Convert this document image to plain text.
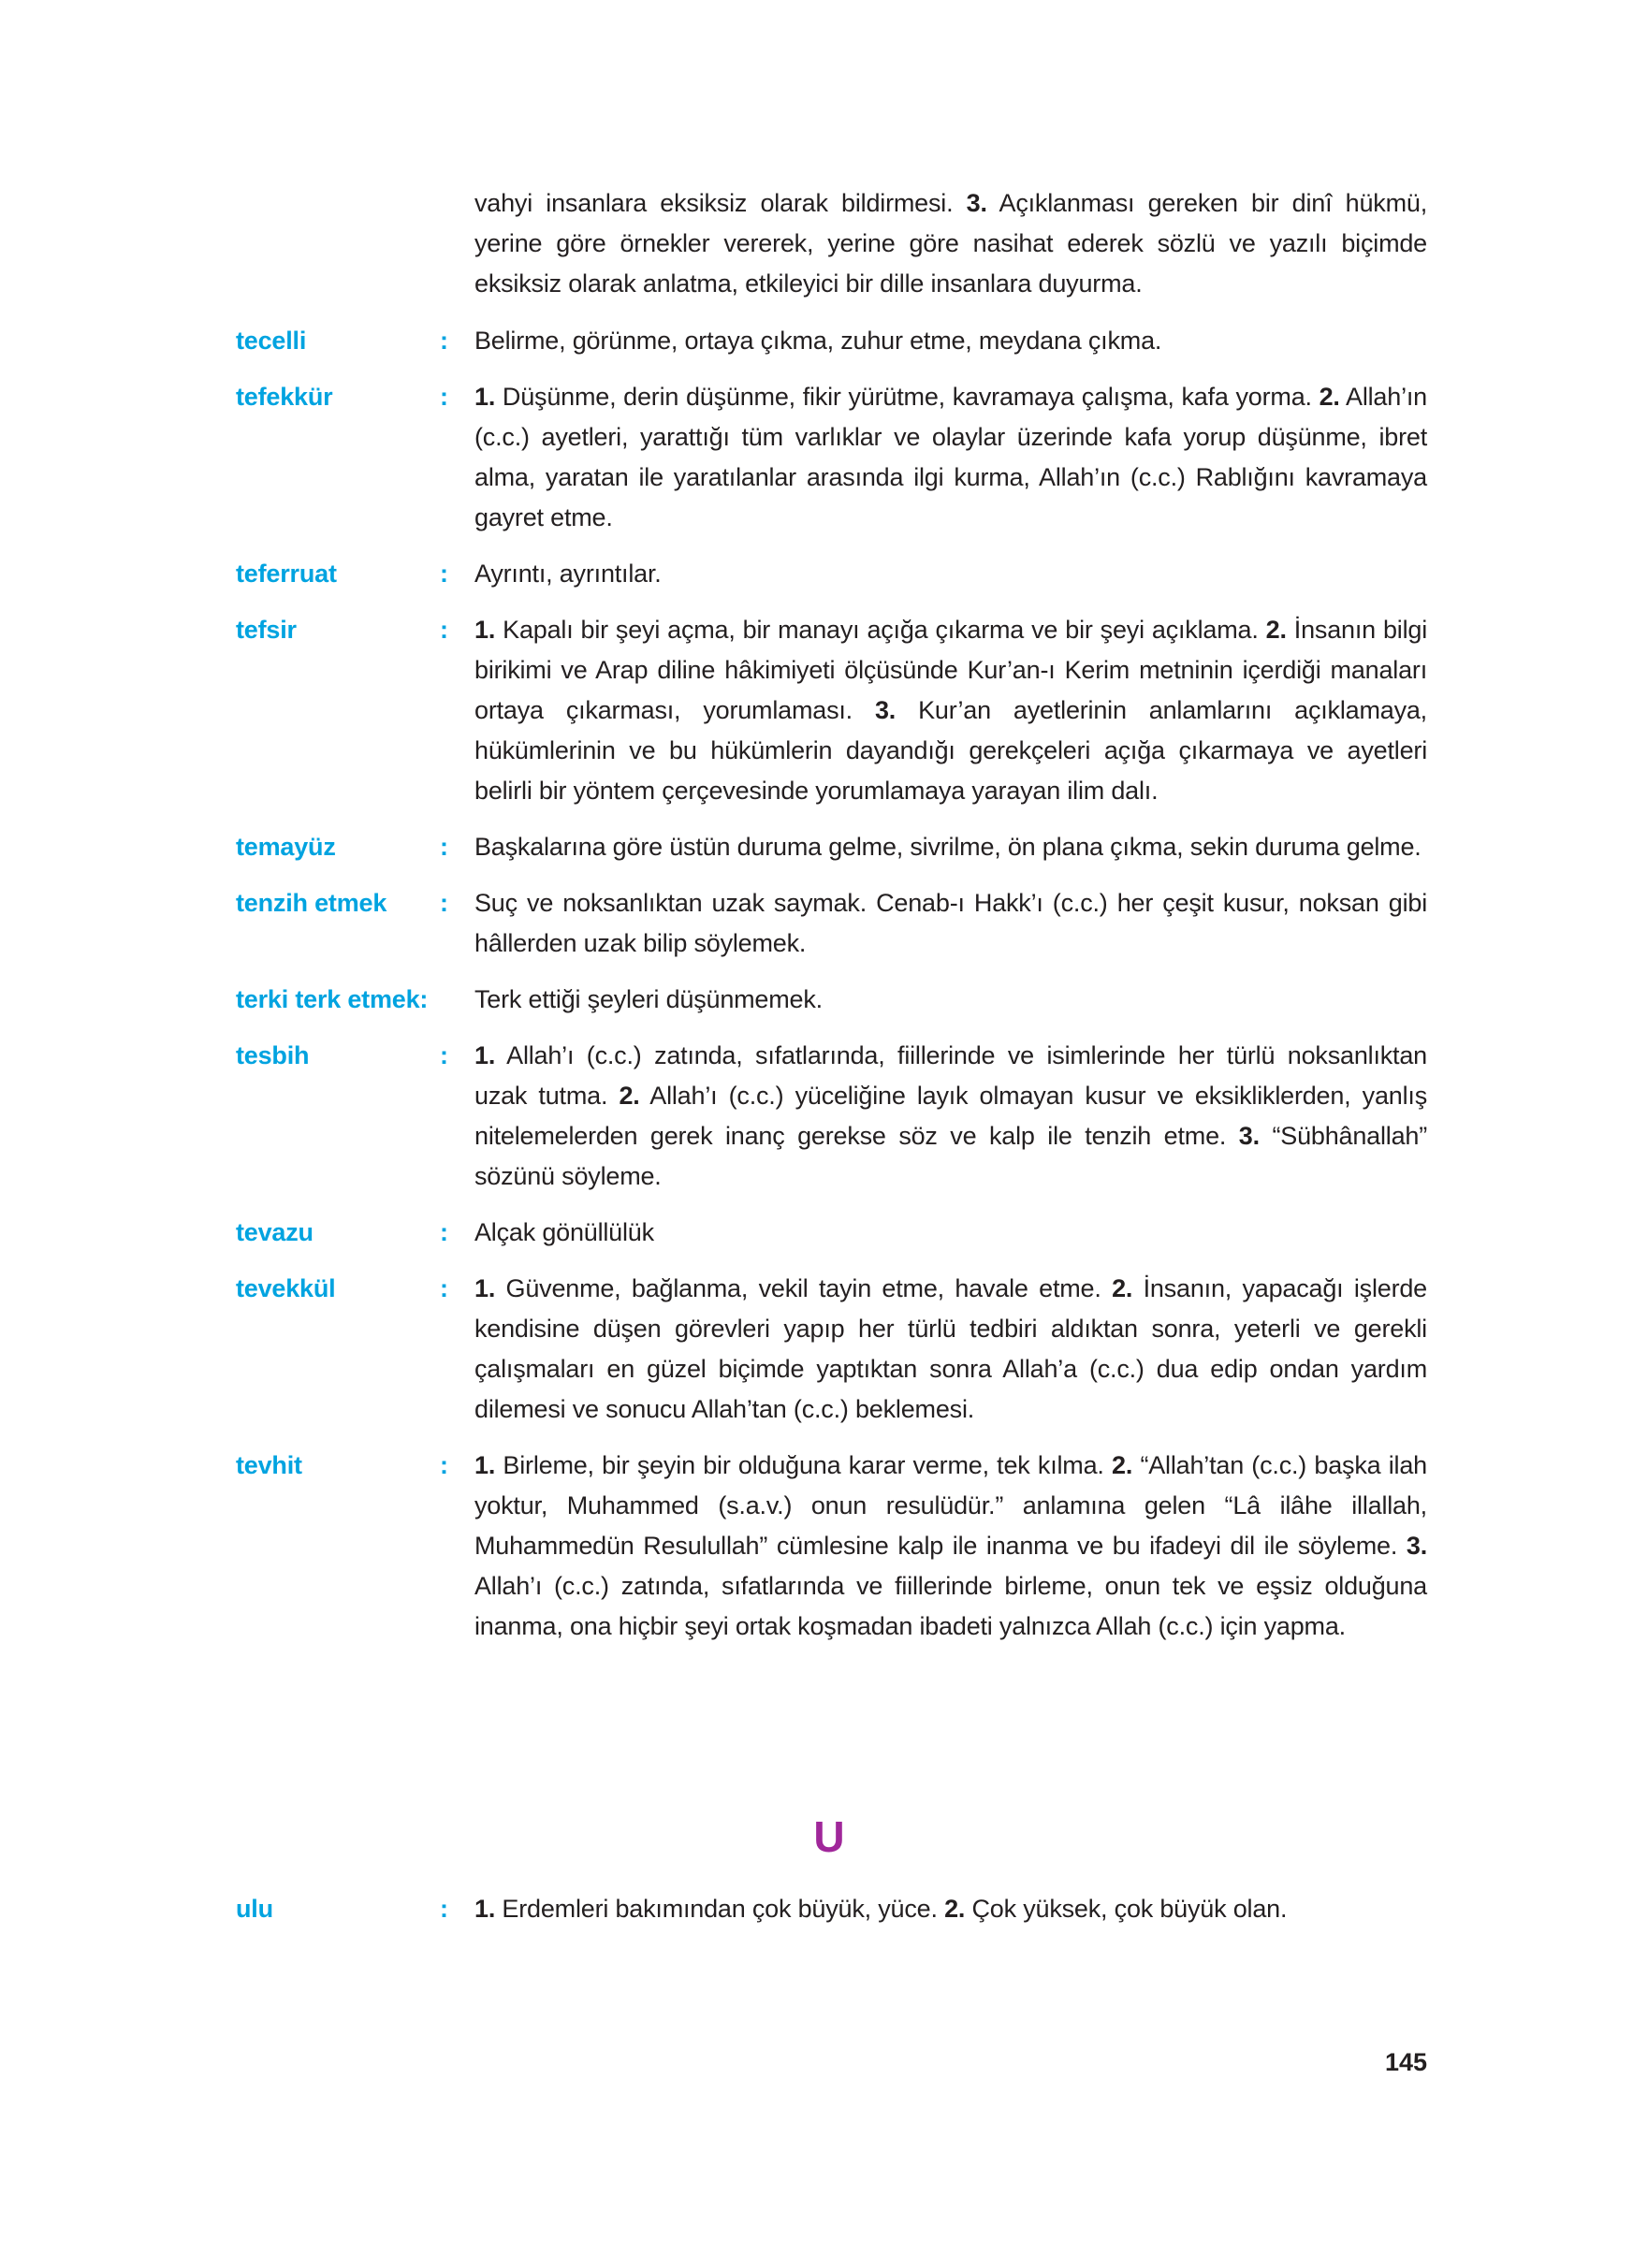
vahyi insanlara eksiksiz olarak bildirmesi. 3. Açıklanması gereken bir dinî hükmü, yerine göre örnekler vererek, yerine göre nasihat ederek sözlü ve yazılı biçimde eksiksiz olarak anlatma, etkileyici bir dille insanlara duyurma.
tecelli	:	Belirme, görünme, ortaya çıkma, zuhur etme, meydana çıkma.
tefekkür	:	1. Düşünme, derin düşünme, fikir yürütme, kavramaya çalışma, kafa yorma. 2. Allah’ın (c.c.) ayetleri, yarattığı tüm varlıklar ve olaylar üzerinde kafa yorup düşünme, ibret alma, yaratan ile yaratılanlar arasında ilgi kurma, Allah’ın (c.c.) Rablığını kavramaya gayret etme.
teferruat	:	Ayrıntı, ayrıntılar.
tefsir	:	1. Kapalı bir şeyi açma, bir manayı açığa çıkarma ve bir şeyi açıklama. 2. İnsanın bilgi birikimi ve Arap diline hâkimiyeti ölçüsünde Kur’an-ı Kerim metninin içerdiği manaları ortaya çıkarması, yorumlaması. 3. Kur’an ayetlerinin anlamlarını açıklamaya, hükümlerinin ve bu hükümlerin dayandığı gerekçeleri açığa çıkarmaya ve ayetleri belirli bir yöntem çerçevesinde yorumlamaya yarayan ilim dalı.
temayüz	:	Başkalarına göre üstün duruma gelme, sivrilme, ön plana çıkma, sekin duruma gelme.
tenzih etmek	:	Suç ve noksanlıktan uzak saymak. Cenab-ı Hakk’ı (c.c.) her çeşit kusur, noksan gibi hâllerden uzak bilip söylemek.
terki terk etmek:	Terk ettiği şeyleri düşünmemek.
tesbih	:	1. Allah’ı (c.c.) zatında, sıfatlarında, fiillerinde ve isimlerinde her türlü noksanlıktan uzak tutma. 2. Allah’ı (c.c.) yüceliğine layık olmayan kusur ve eksikliklerden, yanlış nitelemelerden gerek inanç gerekse söz ve kalp ile tenzih etme. 3. “Sübhânallah” sözünü söyleme.
tevazu	:	Alçak gönüllülük
tevekkül	:	1. Güvenme, bağlanma, vekil tayin etme, havale etme. 2. İnsanın, yapacağı işlerde kendisine düşen görevleri yapıp her türlü tedbiri aldıktan sonra, yeterli ve gerekli çalışmaları en güzel biçimde yaptıktan sonra Allah’a (c.c.) dua edip ondan yardım dilemesi ve sonucu Allah’tan (c.c.) beklemesi.
tevhit	:	1. Birleme, bir şeyin bir olduğuna karar verme, tek kılma. 2. “Allah’tan (c.c.) başka ilah yoktur, Muhammed (s.a.v.) onun resulüdür.” anlamına gelen “Lâ ilâhe illallah, Muhammedün Resulullah” cümlesine kalp ile inanma ve bu ifadeyi dil ile söyleme. 3. Allah’ı (c.c.) zatında, sıfatlarında ve fiillerinde birleme, onun tek ve eşsiz olduğuna inanma, ona hiçbir şeyi ortak koşmadan ibadeti yalnızca Allah (c.c.) için yapma.
U
ulu	:	1. Erdemleri bakımından çok büyük, yüce. 2. Çok yüksek, çok büyük olan.
145
